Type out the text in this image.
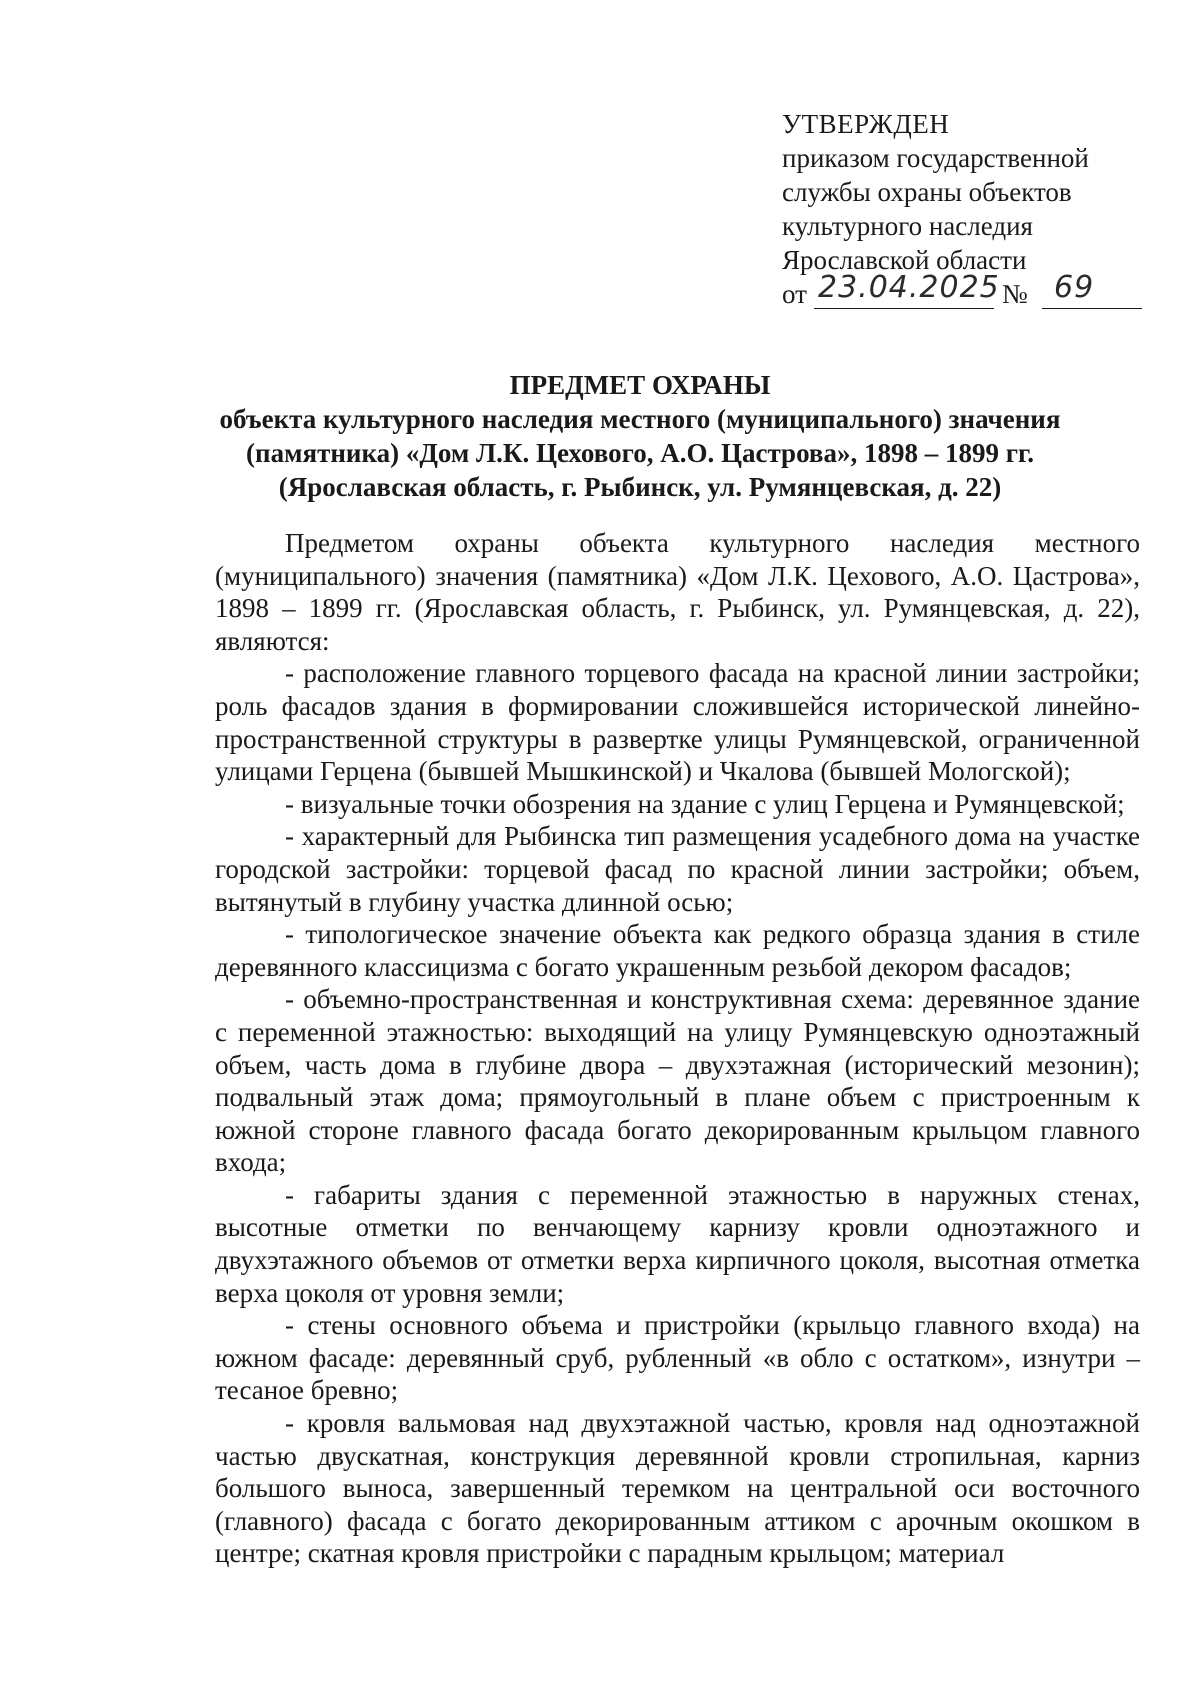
УТВЕРЖДЕН
приказом государственной
службы охраны объектов
культурного наследия
Ярославской области
от 23.04.2025 № 69
ПРЕДМЕТ ОХРАНЫ
объекта культурного наследия местного (муниципального) значения
(памятника) «Дом Л.К. Цехового, А.О. Цастрова», 1898 – 1899 гг.
(Ярославская область, г. Рыбинск, ул. Румянцевская, д. 22)

Предметом охраны объекта культурного наследия местного (муниципального) значения (памятника) «Дом Л.К. Цехового, А.О. Цастрова», 1898 – 1899 гг. (Ярославская область, г. Рыбинск, ул. Румянцевская, д. 22), являются:

- расположение главного торцевого фасада на красной линии застройки; роль фасадов здания в формировании сложившейся исторической линейно-пространственной структуры в развертке улицы Румянцевской, ограниченной улицами Герцена (бывшей Мышкинской) и Чкалова (бывшей Мологской);

- визуальные точки обозрения на здание с улиц Герцена и Румянцевской;

- характерный для Рыбинска тип размещения усадебного дома на участке городской застройки: торцевой фасад по красной линии застройки; объем, вытянутый в глубину участка длинной осью;

- типологическое значение объекта как редкого образца здания в стиле деревянного классицизма с богато украшенным резьбой декором фасадов;

- объемно-пространственная и конструктивная схема: деревянное здание с переменной этажностью: выходящий на улицу Румянцевскую одноэтажный объем, часть дома в глубине двора – двухэтажная (исторический мезонин); подвальный этаж дома; прямоугольный в плане объем с пристроенным к южной стороне главного фасада богато декорированным крыльцом главного входа;

- габариты здания с переменной этажностью в наружных стенах, высотные отметки по венчающему карнизу кровли одноэтажного и двухэтажного объемов от отметки верха кирпичного цоколя, высотная отметка верха цоколя от уровня земли;

- стены основного объема и пристройки (крыльцо главного входа) на южном фасаде: деревянный сруб, рубленный «в обло с остатком», изнутри – тесаное бревно;

- кровля вальмовая над двухэтажной частью, кровля над одноэтажной частью двускатная, конструкция деревянной кровли стропильная, карниз большого выноса, завершенный теремком на центральной оси восточного (главного) фасада с богато декорированным аттиком с арочным окошком в центре; скатная кровля пристройки с парадным крыльцом; материал
